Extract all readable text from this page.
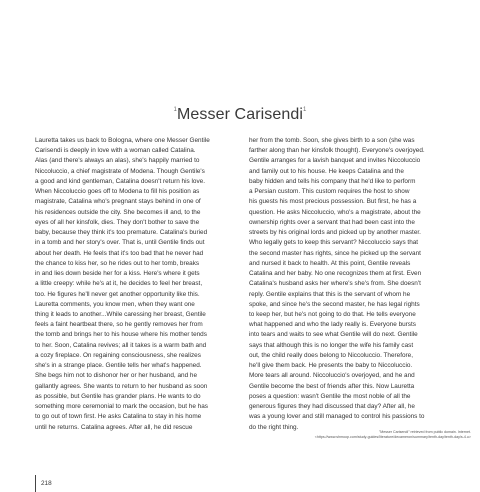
$^1$Messer Carisendi$^1$
Lauretta takes us back to Bologna, where one Messer Gentile
Carisendi is deeply in love with a woman called Catalina.
Alas (and there's always an alas), she's happily married to
Niccoluccio, a chief magistrate of Modena. Though Gentile's
a good and kind gentleman, Catalina doesn't return his love.
When Niccoluccio goes off to Modena to fill his position as
magistrate, Catalina who's pregnant stays behind in one of
his residences outside the city. She becomes ill and, to the
eyes of all her kinsfolk, dies. They don't bother to save the
baby, because they think it's too premature. Catalina's buried
in a tomb and her story's over. That is, until Gentile finds out
about her death. He feels that it's too bad that he never had
the chance to kiss her, so he rides out to her tomb, breaks
in and lies down beside her for a kiss. Here's where it gets
a little creepy: while he's at it, he decides to feel her breast,
too. He figures he'll never get another opportunity like this.
Lauretta comments, you know men, when they want one
thing it leads to another...While caressing her breast, Gentile
feels a faint heartbeat there, so he gently removes her from
the tomb and brings her to his house where his mother tends
to her. Soon, Catalina revives; all it takes is a warm bath and
a cozy fireplace. On regaining consciousness, she realizes
she's in a strange place. Gentile tells her what's happened.
She begs him not to dishonor her or her husband, and he
gallantly agrees. She wants to return to her husband as soon
as possible, but Gentile has grander plans. He wants to do
something more ceremonial to mark the occasion, but he has
to go out of town first. He asks Catalina to stay in his home
until he returns. Catalina agrees. After all, he did rescue
her from the tomb. Soon, she gives birth to a son (she was
farther along than her kinsfolk thought). Everyone's overjoyed.
Gentile arranges for a lavish banquet and invites Niccoluccio
and family out to his house. He keeps Catalina and the
baby hidden and tells his company that he'd like to perform
a Persian custom. This custom requires the host to show
his guests his most precious possession. But first, he has a
question. He asks Niccoluccio, who's a magistrate, about the
ownership rights over a servant that had been cast into the
streets by his original lords and picked up by another master.
Who legally gets to keep this servant? Niccoluccio says that
the second master has rights, since he picked up the servant
and nursed it back to health. At this point, Gentile reveals
Catalina and her baby. No one recognizes them at first. Even
Catalina's husband asks her where's she's from. She doesn't
reply. Gentile explains that this is the servant of whom he
spoke, and since he's the second master, he has legal rights
to keep her, but he's not going to do that. He tells everyone
what happened and who the lady really is. Everyone bursts
into tears and waits to see what Gentile will do next. Gentile
says that although this is no longer the wife his family cast
out, the child really does belong to Niccoluccio. Therefore,
he'll give them back. He presents the baby to Niccoluccio.
More tears all around. Niccoluccio's overjoyed, and he and
Gentile become the best of friends after this. Now Lauretta
poses a question: wasn't Gentile the most noble of all the
generous figures they had discussed that day? After all, he
was a young lover and still managed to control his passions to
do the right thing.
"Messer Carisendi" retrieved from public domain. Internet.
<https://www.shmoop.com/study-guides/literature/decameron/summary/tenth-day/tenth-day/s-4.u>
218
